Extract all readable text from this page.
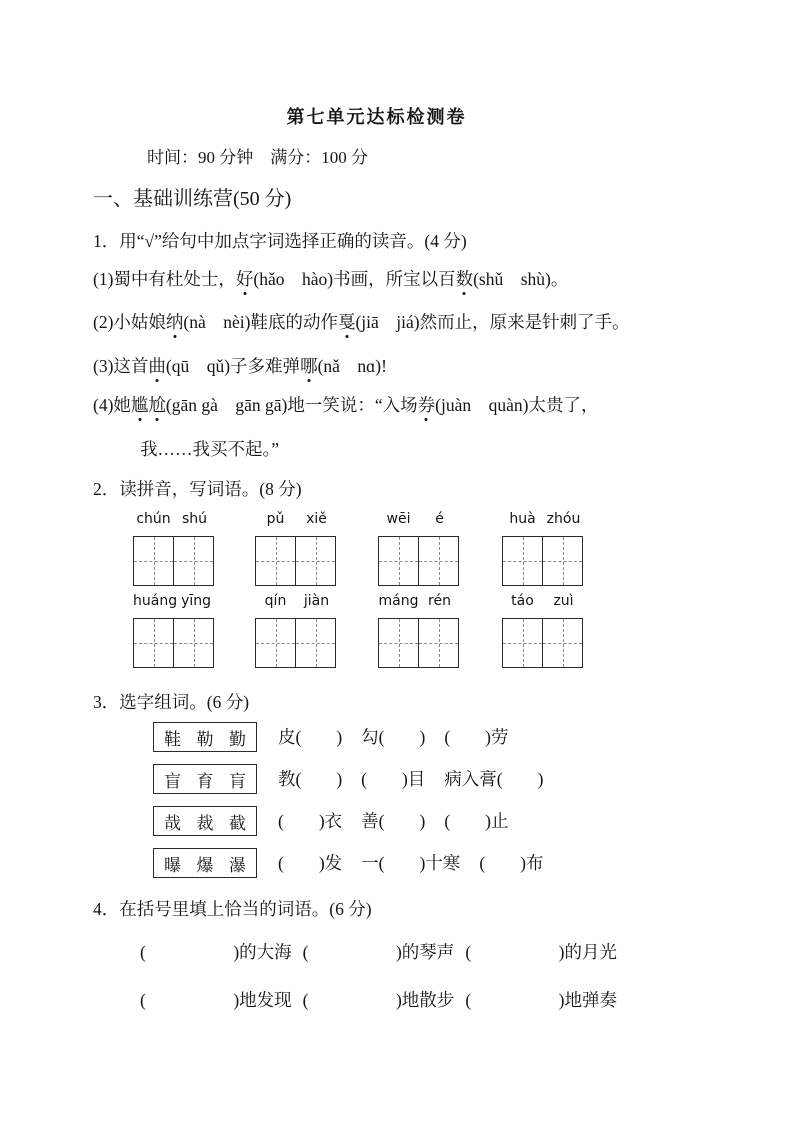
第七单元达标检测卷
时间：90 分钟　满分：100 分
一、基础训练营(50 分)
1．用“√”给句中加点字词选择正确的读音。(4 分)
(1)蜀中有杜处士，好(hǎo　hào)书画，所宝以百数(shǔ　shù)。
(2)小姑娘纳(nà　nèi)鞋底的动作戛(jiā　jiá)然而止，原来是针刺了手。
(3)这首曲(qū　qǔ)子多难弹哪(nǎ　nɑ)!
(4)她尴尬(gān gà　gān gā)地一笑说：“入场券(juàn　quàn)太贵了，
我……我买不起。”
2．读拼音，写词语。(8 分)
chún shú	pǔ	xiě	wēi	é	huà zhóu
huáng yīng	qín	jiàn	máng rén	táo	zuì
3．选字组词。(6 分)
鞋 勒 勤 皮(　　) 勾(　　) (　　)劳
盲 育 肓 教(　　) (　　)目 病入膏(　　)
哉 裁 截 (　　)衣 善(　　) (　　)止
曝 爆 瀑 (　　)发 一(　　)十寒 (　　)布
4．在括号里填上恰当的词语。(6 分)
(　　　　　)的大海 (　　　　　)的琴声 (　　　　　)的月光
(　　　　　)地发现 (　　　　　)地散步 (　　　　　)地弹奏
